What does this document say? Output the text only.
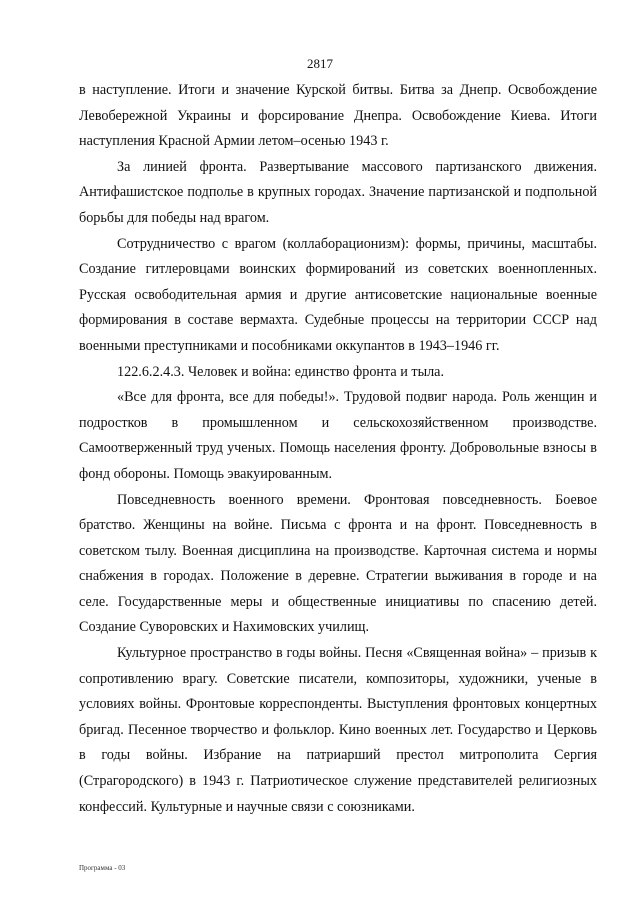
2817

в наступление. Итоги и значение Курской битвы. Битва за Днепр. Освобождение Левобережной Украины и форсирование Днепра. Освобождение Киева. Итоги наступления Красной Армии летом–осенью 1943 г.

За линией фронта. Развертывание массового партизанского движения. Антифашистское подполье в крупных городах. Значение партизанской и подпольной борьбы для победы над врагом.

Сотрудничество с врагом (коллаборационизм): формы, причины, масштабы. Создание гитлеровцами воинских формирований из советских военнопленных. Русская освободительная армия и другие антисоветские национальные военные формирования в составе вермахта. Судебные процессы на территории СССР над военными преступниками и пособниками оккупантов в 1943–1946 гг.

122.6.2.4.3. Человек и война: единство фронта и тыла.

«Все для фронта, все для победы!». Трудовой подвиг народа. Роль женщин и подростков в промышленном и сельскохозяйственном производстве. Самоотверженный труд ученых. Помощь населения фронту. Добровольные взносы в фонд обороны. Помощь эвакуированным.

Повседневность военного времени. Фронтовая повседневность. Боевое братство. Женщины на войне. Письма с фронта и на фронт. Повседневность в советском тылу. Военная дисциплина на производстве. Карточная система и нормы снабжения в городах. Положение в деревне. Стратегии выживания в городе и на селе. Государственные меры и общественные инициативы по спасению детей. Создание Суворовских и Нахимовских училищ.

Культурное пространство в годы войны. Песня «Священная война» – призыв к сопротивлению врагу. Советские писатели, композиторы, художники, ученые в условиях войны. Фронтовые корреспонденты. Выступления фронтовых концертных бригад. Песенное творчество и фольклор. Кино военных лет. Государство и Церковь в годы войны. Избрание на патриарший престол митрополита Сергия (Страгородского) в 1943 г. Патриотическое служение представителей религиозных конфессий. Культурные и научные связи с союзниками.

Программа - 03
